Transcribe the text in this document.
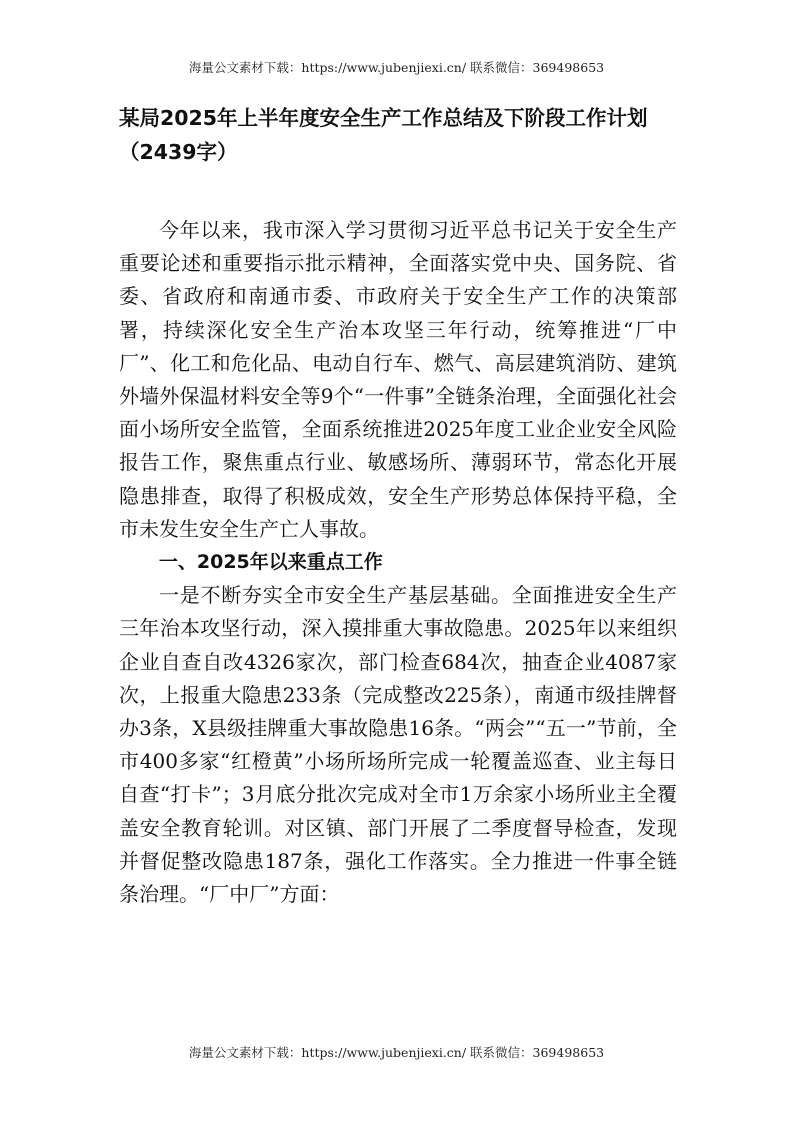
海量公文素材下载：https://www.jubenjiexi.cn/ 联系微信：369498653
某局2025年上半年度安全生产工作总结及下阶段工作计划
（2439字）

今年以来，我市深入学习贯彻习近平总书记关于安全生产重要论述和重要指示批示精神，全面落实党中央、国务院、省委、省政府和南通市委、市政府关于安全生产工作的决策部署，持续深化安全生产治本攻坚三年行动，统筹推进“厂中厂”、化工和危化品、电动自行车、燃气、高层建筑消防、建筑外墙外保温材料安全等9个“一件事”全链条治理，全面强化社会面小场所安全监管，全面系统推进2025年度工业企业安全风险报告工作，聚焦重点行业、敏感场所、薄弱环节，常态化开展隐患排查，取得了积极成效，安全生产形势总体保持平稳，全市未发生安全生产亡人事故。

一、2025年以来重点工作

一是不断夯实全市安全生产基层基础。全面推进安全生产三年治本攻坚行动，深入摸排重大事故隐患。2025年以来组织企业自查自改4326家次，部门检查684次，抽查企业4087家次，上报重大隐患233条（完成整改225条），南通市级挂牌督办3条，X县级挂牌重大事故隐患16条。“两会”“五一”节前，全市400多家“红橙黄”小场所场所完成一轮覆盖巡查、业主每日自查“打卡”；3月底分批次完成对全市1万余家小场所业主全覆盖安全教育轮训。对区镇、部门开展了二季度督导检查，发现并督促整改隐患187条，强化工作落实。全力推进一件事全链条治理。“厂中厂”方面：

海量公文素材下载：https://www.jubenjiexi.cn/ 联系微信：369498653
